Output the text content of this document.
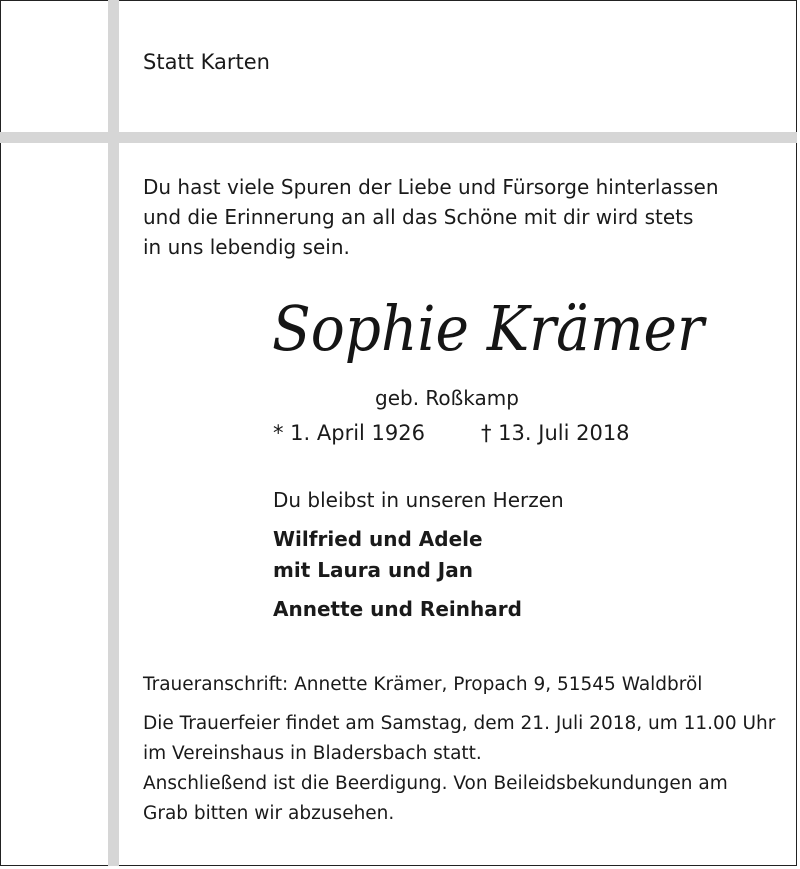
Statt Karten
Du hast viele Spuren der Liebe und Fürsorge hinterlassen
und die Erinnerung an all das Schöne mit dir wird stets
in uns lebendig sein.
Sophie Krämer
geb. Roßkamp
* 1. April 1926	† 13. Juli 2018
Du bleibst in unseren Herzen
Wilfried und Adele
mit Laura und Jan
Annette und Reinhard
Traueranschrift: Annette Krämer, Propach 9, 51545 Waldbröl
Die Trauerfeier findet am Samstag, dem 21. Juli 2018, um 11.00 Uhr
im Vereinshaus in Bladersbach statt.
Anschließend ist die Beerdigung. Von Beileidsbekundungen am
Grab bitten wir abzusehen.
